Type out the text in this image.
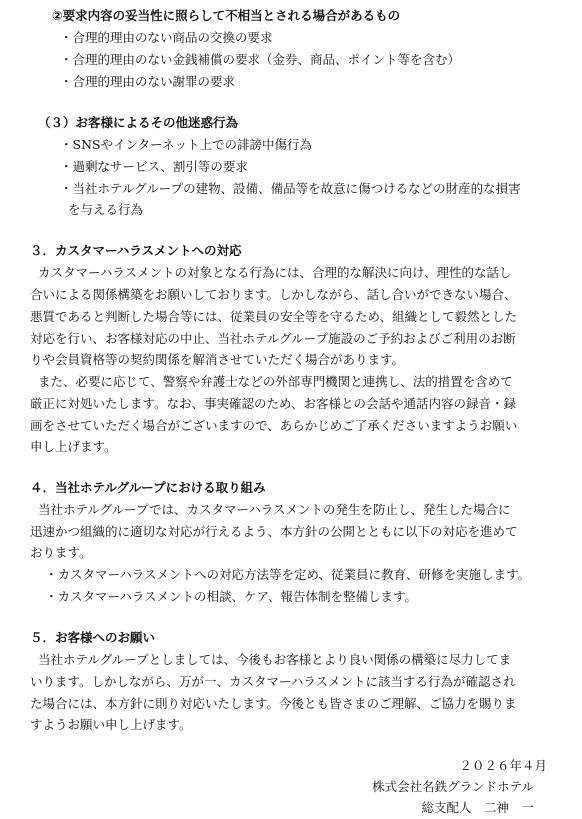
②要求内容の妥当性に照らして不相当とされる場合があるもの
・合理的理由のない商品の交換の要求
・合理的理由のない金銭補償の要求（金券、商品、ポイント等を含む）
・合理的理由のない謝罪の要求
（３）お客様によるその他迷惑行為
・SNSやインターネット上での誹謗中傷行為
・過剰なサービス、割引等の要求
・当社ホテルグループの建物、設備、備品等を故意に傷つけるなどの財産的な損害
を与える行為
３．カスタマーハラスメントへの対応
カスタマーハラスメントの対象となる行為には、合理的な解決に向け、理性的な話し
合いによる関係構築をお願いしております。しかしながら、話し合いができない場合、
悪質であると判断した場合等には、従業員の安全等を守るため、組織として毅然とした
対応を行い、お客様対応の中止、当社ホテルグループ施設のご予約およびご利用のお断
りや会員資格等の契約関係を解消させていただく場合があります。
また、必要に応じて、警察や弁護士などの外部専門機関と連携し、法的措置を含めて
厳正に対処いたします。なお、事実確認のため、お客様との会話や通話内容の録音・録
画をさせていただく場合がございますので、あらかじめご了承くださいますようお願い
申し上げます。
４．当社ホテルグループにおける取り組み
当社ホテルグループでは、カスタマーハラスメントの発生を防止し、発生した場合に
迅速かつ組織的に適切な対応が行えるよう、本方針の公開とともに以下の対応を進めて
おります。
・カスタマーハラスメントへの対応方法等を定め、従業員に教育、研修を実施します。
・カスタマーハラスメントの相談、ケア、報告体制を整備します。
５．お客様へのお願い
当社ホテルグループとしましては、今後もお客様とより良い関係の構築に尽力してま
いります。しかしながら、万が一、カスタマーハラスメントに該当する行為が確認され
た場合には、本方針に則り対応いたします。今後とも皆さまのご理解、ご協力を賜りま
すようお願い申し上げます。
２０２６年４月
株式会社名鉄グランドホテル
総支配人　二神　一
